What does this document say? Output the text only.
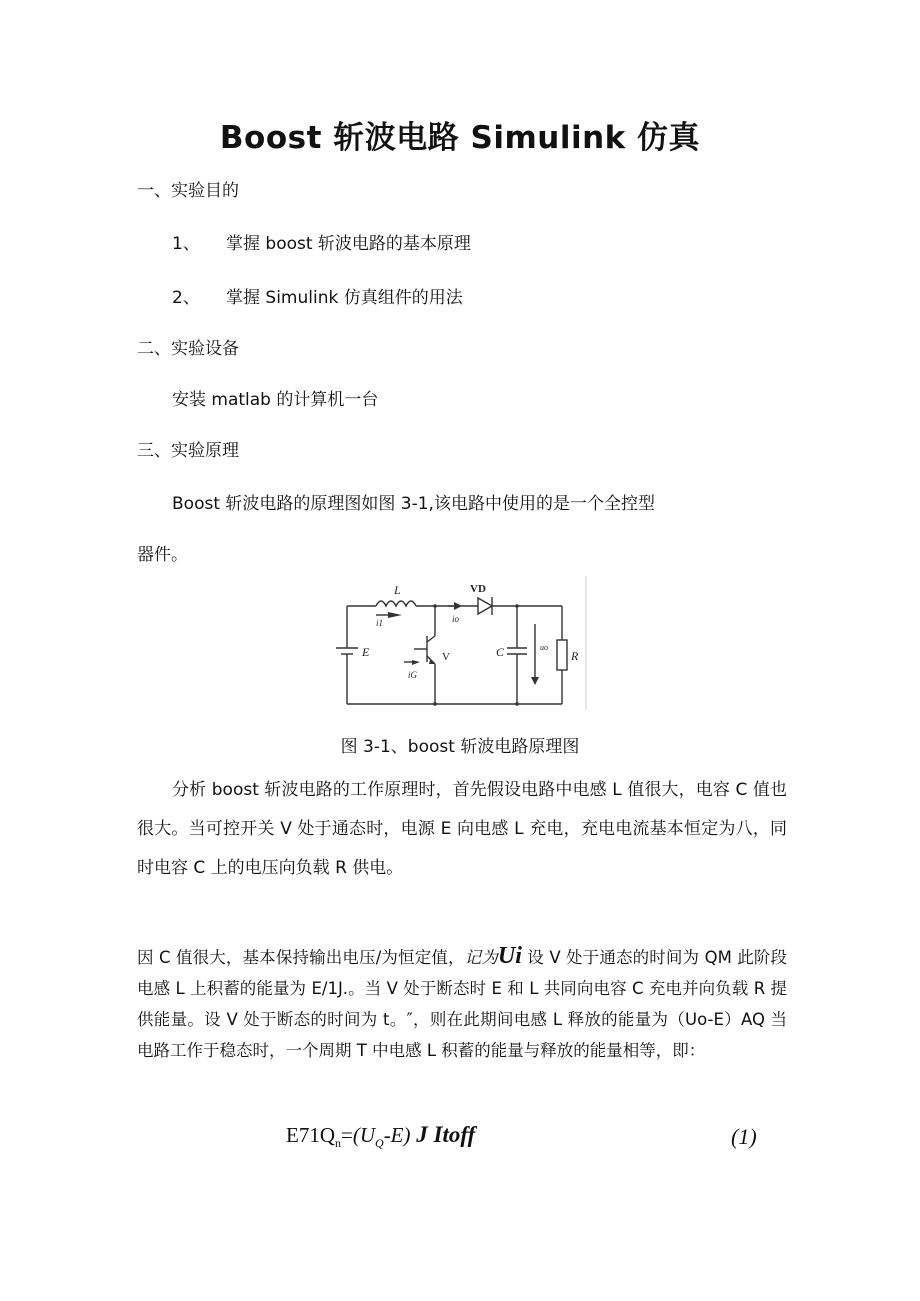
Boost 斩波电路 Simulink 仿真
一、实验目的
1、 掌握 boost 斩波电路的基本原理
2、 掌握 Simulink 仿真组件的用法
二、实验设备
安装 matlab 的计算机一台
三、实验原理
Boost 斩波电路的原理图如图 3-1,该电路中使用的是一个全控型
器件。
L	VD
i1	io
E	V
iG
C	uo
R
图 3-1、boost 斩波电路原理图
分析 boost 斩波电路的工作原理时，首先假设电路中电感 L 值很大，电容 C 值也很大。当可控开关 V 处于通态时，电源 E 向电感 L 充电，充电电流基本恒定为八，同时电容 C 上的电压向负载 R 供电。
因 C 值很大，基本保持输出电压/为恒定值，记为Ui 设 V 处于通态的时间为 QM 此阶段电感 L 上积蓄的能量为 E/1J.。当 V 处于断态时 E 和 L 共同向电容 C 充电并向负载 R 提供能量。设 V 处于断态的时间为 t。″，则在此期间电感 L 释放的能量为（Uo-E）AQ 当电路工作于稳态时，一个周期 T 中电感 L 积蓄的能量与释放的能量相等，即：
$E71Q_n=(U_Q-E)$ J Itoff	(1)
